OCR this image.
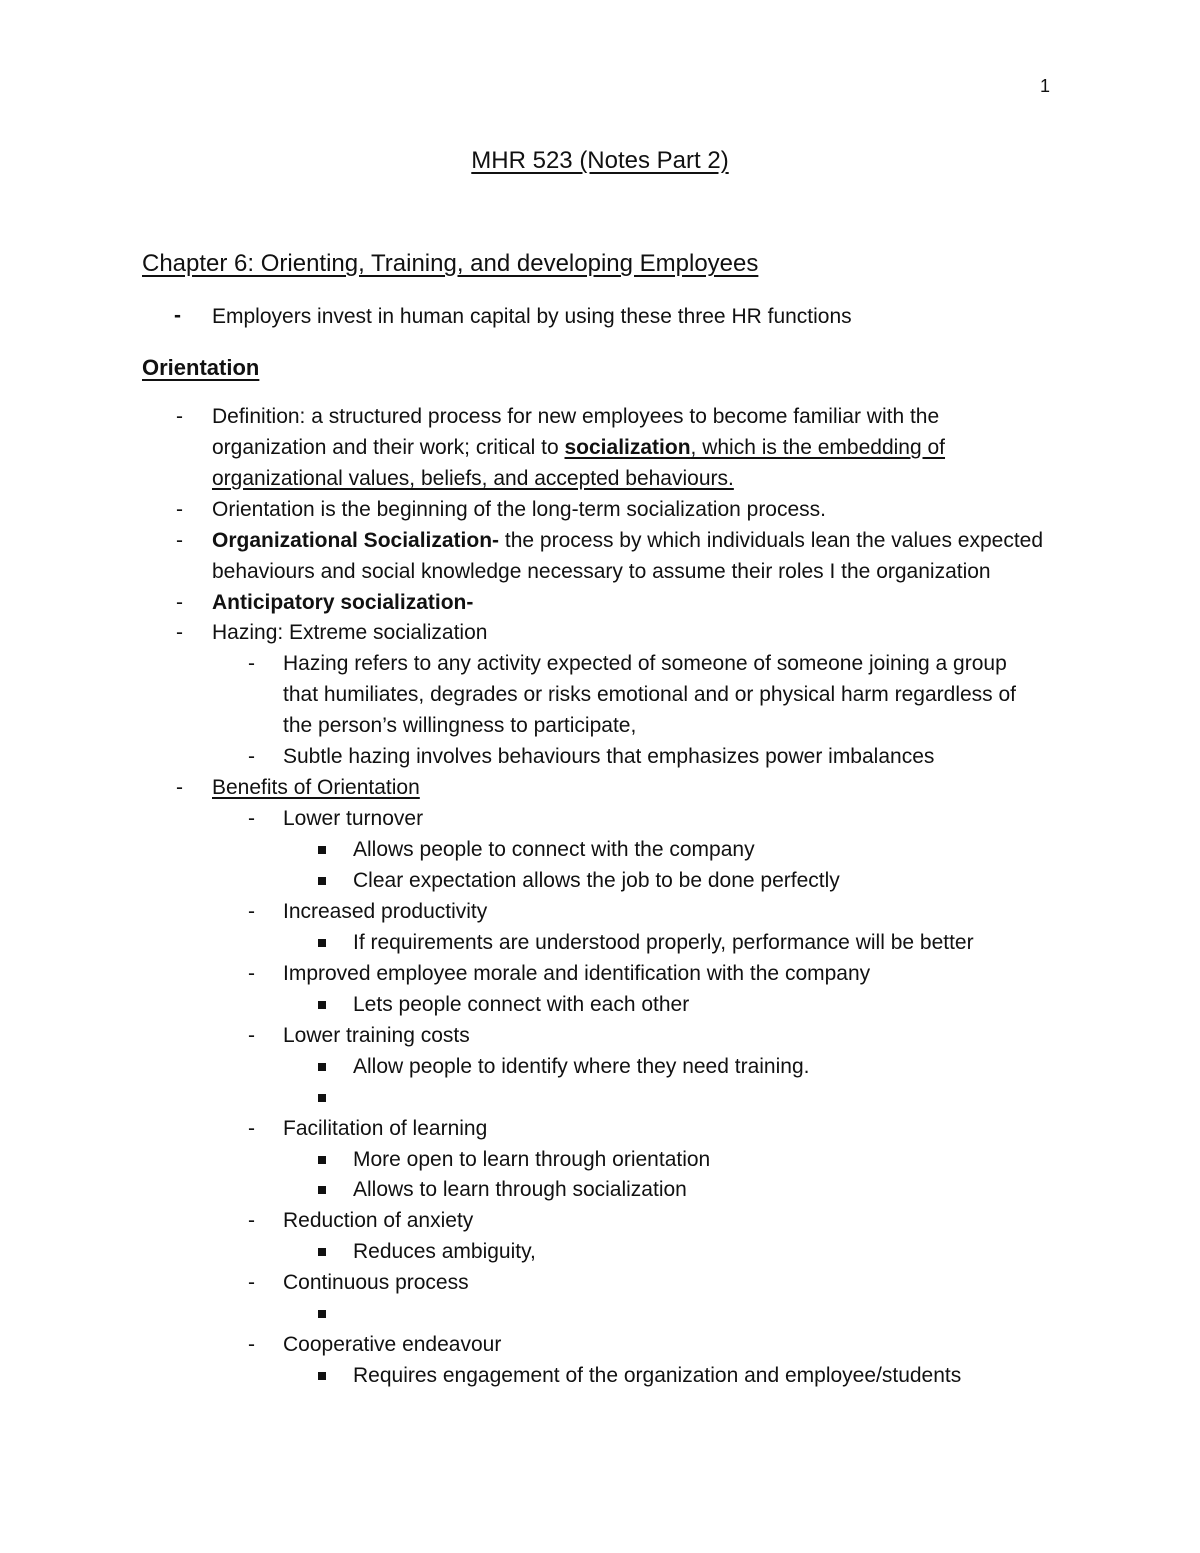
1
MHR 523 (Notes Part 2)
Chapter 6: Orienting, Training, and developing Employees
- Employers invest in human capital by using these three HR functions
Orientation
- Definition: a structured process for new employees to become familiar with the
organization and their work; critical to socialization, which is the embedding of
organizational values, beliefs, and accepted behaviours.
- Orientation is the beginning of the long-term socialization process.
- Organizational Socialization- the process by which individuals lean the values expected
behaviours and social knowledge necessary to assume their roles I the organization
- Anticipatory socialization-
- Hazing: Extreme socialization
- Hazing refers to any activity expected of someone of someone joining a group
that humiliates, degrades or risks emotional and or physical harm regardless of
the person’s willingness to participate,
- Subtle hazing involves behaviours that emphasizes power imbalances
- Benefits of Orientation
- Lower turnover
Allows people to connect with the company
Clear expectation allows the job to be done perfectly
- Increased productivity
If requirements are understood properly, performance will be better
- Improved employee morale and identification with the company
Lets people connect with each other
- Lower training costs
Allow people to identify where they need training.
- Facilitation of learning
More open to learn through orientation
Allows to learn through socialization
- Reduction of anxiety
Reduces ambiguity,
- Continuous process
- Cooperative endeavour
Requires engagement of the organization and employee/students
